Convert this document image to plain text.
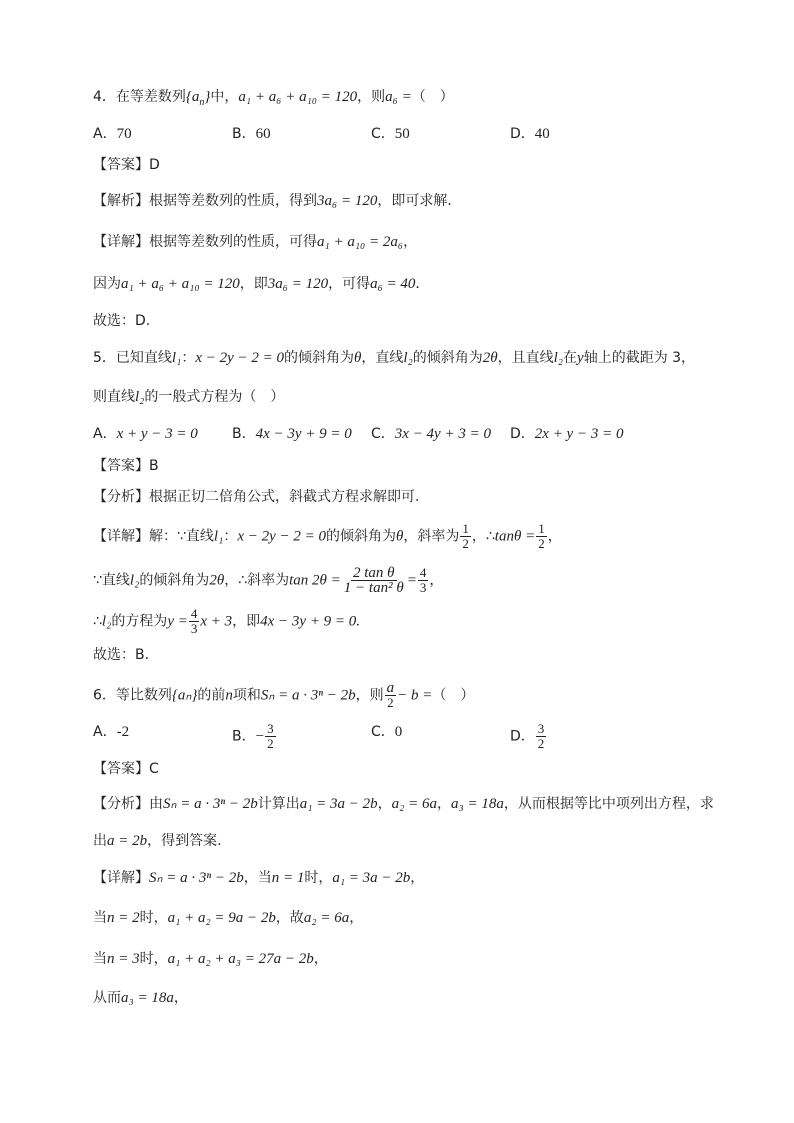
4．在等差数列$\{a_n\}$中，a₁ + a₆ + a₁₀ = 120，则a₆ =（　）
A．70	B．60	C．50	D．40
【答案】D
【解析】根据等差数列的性质，得到3a₆ = 120，即可求解．
【详解】根据等差数列的性质，可得a₁ + a₁₀ = 2a₆，
因为a₁ + a₆ + a₁₀ = 120，即3a₆ = 120，可得a₆ = 40．
故选：D.
5．已知直线l₁：x − 2y − 2 = 0的倾斜角为θ，直线l₂的倾斜角为2θ，且直线l₂在y轴上的截距为 3，
则直线l₂的一般式方程为（　）
A．x + y − 3 = 0 B．4x − 3y + 9 = 0 C．3x − 4y + 3 = 0 D．2x + y − 3 = 0
【答案】B
【分析】根据正切二倍角公式，斜截式方程求解即可.
【详解】解：∵直线l₁：x − 2y − 2 = 0的倾斜角为θ，斜率为 $\frac{1}{2}$ ，∴tanθ = $\frac{1}{2}$ ，
∵直线l₂的倾斜角为2θ，∴斜率为$\tan 2\theta = \frac{\text{2 tan θ}}{\text{1 − tan² θ}} = \frac{4}{3}$ ，
∴l₂的方程为$y = \frac{4}{3}$ x + 3，即4x − 3y + 9 = 0.
故选：B．
6．等比数列{aₙ}的前n项和Sₙ = a · 3ⁿ − 2b，则 $\frac{a}{2} - b$ =（　）
A．-2	B．− $\frac{3}{2}$	C．0	D． $\frac{3}{2}$
【答案】C
【分析】由Sₙ = a · 3ⁿ − 2b计算出a₁ = 3a − 2b，a₂ = 6a，a₃ = 18a，从而根据等比中项列出方程，求
出a = 2b，得到答案.
【详解】Sₙ = a · 3ⁿ − 2b，当n = 1时，a₁ = 3a − 2b，
当n = 2时，a₁ + a₂ = 9a − 2b，故a₂ = 6a，
当n = 3时，a₁ + a₂ + a₃ = 27a − 2b，
从而a₃ = 18a，
